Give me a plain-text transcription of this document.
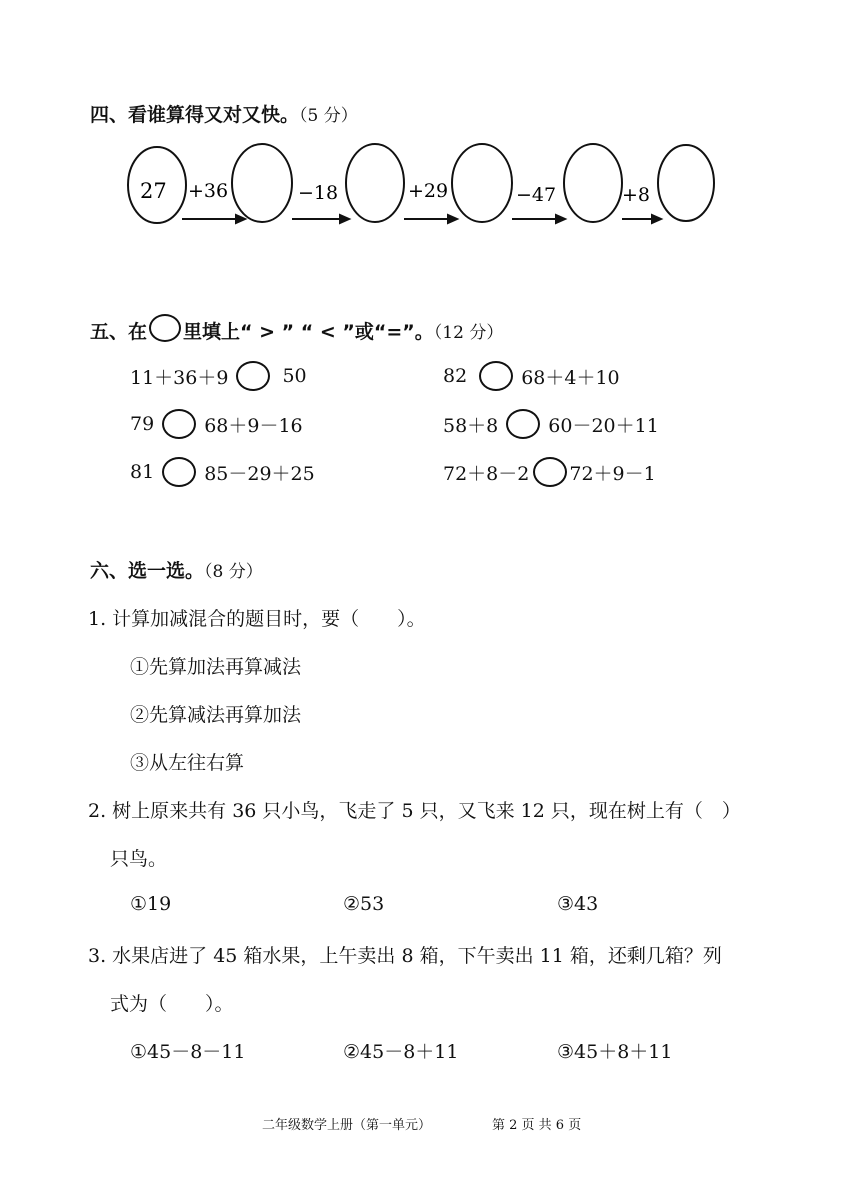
四、看谁算得又对又快。（5 分）
27 +36	−18	+29	−47	+8
五、在 里填上“ > ” “ < ”或“=”。（12 分）
11＋36＋9	50	82	68＋4＋10
79	68＋9－16	58＋8	60－20＋11
81	85－29＋25	72＋8－2 72＋9－1
六、选一选。（8 分）
1. 计算加减混合的题目时，要（　　）。
①先算加法再算减法
②先算减法再算加法
③从左往右算
2. 树上原来共有 36 只小鸟，飞走了 5 只，又飞来 12 只，现在树上有（　）
只鸟。
①19	②53	③43
3. 水果店进了 45 箱水果，上午卖出 8 箱，下午卖出 11 箱，还剩几箱？列
式为（　　）。
①45－8－11	②45－8＋11	③45＋8＋11
二年级数学上册（第一单元）	第 2 页 共 6 页
